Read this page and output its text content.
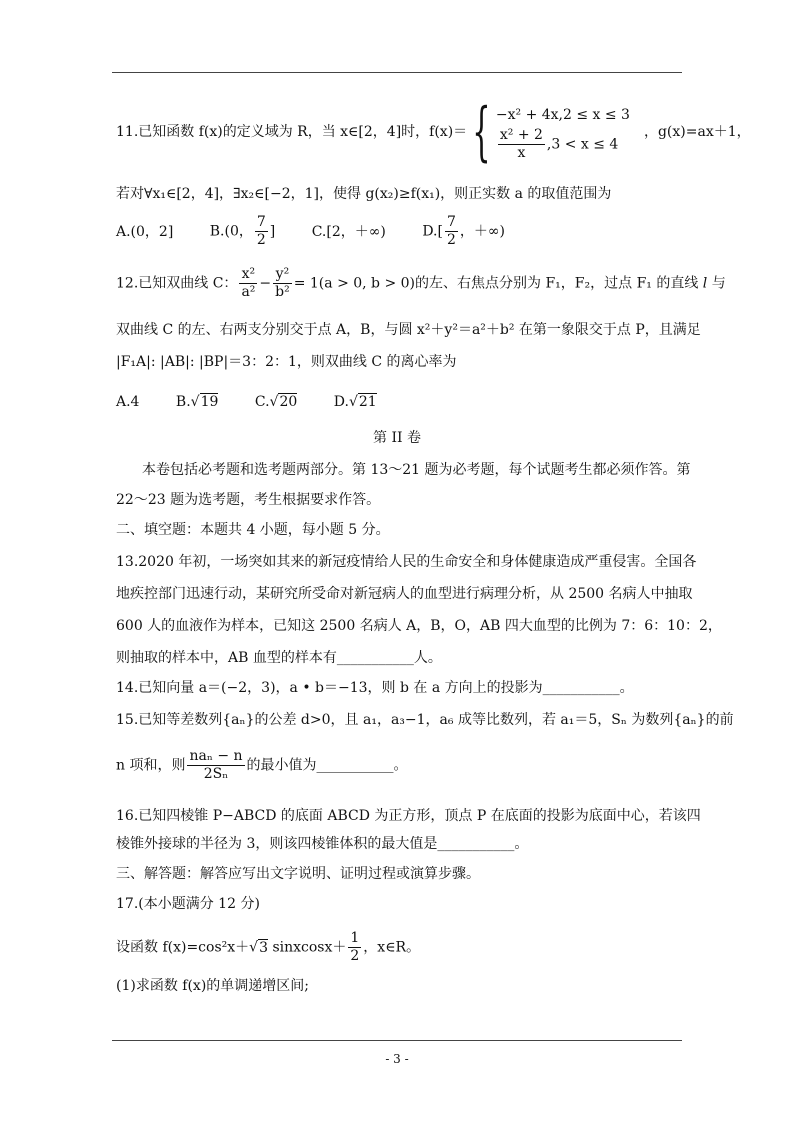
11.已知函数 f(x)的定义域为 R，当 x∈[2，4]时，f(x)＝{ −x² + 4x,2 ≤ x ≤ 3
$\frac{\text{x² + 2}}{x} ,3 < x \le 4$
，g(x)=ax＋1，
若对∀x₁∈[2，4]，∃x₂∈[−2，1]，使得 g(x₂)≥f(x₁)，则正实数 a 的取值范围为
A.(0，2]	B.(0， $\frac{7}{2}$ ]	C.[2，＋∞)	$D.[ \frac{7}{2}$ ，＋∞)
12.已知双曲线 C： $\frac{\text{x²}}{\text{a²}} - \frac{\text{y²}}{\text{b²}} = 1(a > 0$, b > 0)的左、右焦点分别为 F₁，F₂，过点 F₁ 的直线 l 与
双曲线 C 的左、右两支分别交于点 A，B，与圆 x²＋y²＝a²＋b² 在第一象限交于点 P，且满足
|F₁A|: |AB|: |BP|＝3：2：1，则双曲线 C 的离心率为
A.4	B.√19	C.√20	D.√21
第 II 卷
本卷包括必考题和选考题两部分。第 13～21 题为必考题，每个试题考生都必须作答。第
22～23 题为选考题，考生根据要求作答。
二、填空题：本题共 4 小题，每小题 5 分。
13.2020 年初，一场突如其来的新冠疫情给人民的生命安全和身体健康造成严重侵害。全国各
地疾控部门迅速行动，某研究所受命对新冠病人的血型进行病理分析，从 2500 名病人中抽取
600 人的血液作为样本，已知这 2500 名病人 A，B，O，AB 四大血型的比例为 7：6：10：2，
则抽取的样本中，AB 血型的样本有___________人。
14.已知向量 a＝(−2，3)，a • b＝−13，则 b 在 a 方向上的投影为___________。
15.已知等差数列{aₙ}的公差 d>0，且 a₁，a₃−1，a₆ 成等比数列，若 a₁＝5，Sₙ 为数列{aₙ}的前
n 项和，则 $\frac{\text{naₙ − n}}{\text{2Sₙ}}$ 的最小值为___________。
16.已知四棱锥 P−ABCD 的底面 ABCD 为正方形，顶点 P 在底面的投影为底面中心，若该四
棱锥外接球的半径为 3，则该四棱锥体积的最大值是___________。
三、解答题：解答应写出文字说明、证明过程或演算步骤。
17.(本小题满分 12 分)
设函数 f(x)=cos²x＋√3 sinxcosx＋ $\frac{1}{2}$ ，x∈R。
(1)求函数 f(x)的单调递增区间;
- 3 -
